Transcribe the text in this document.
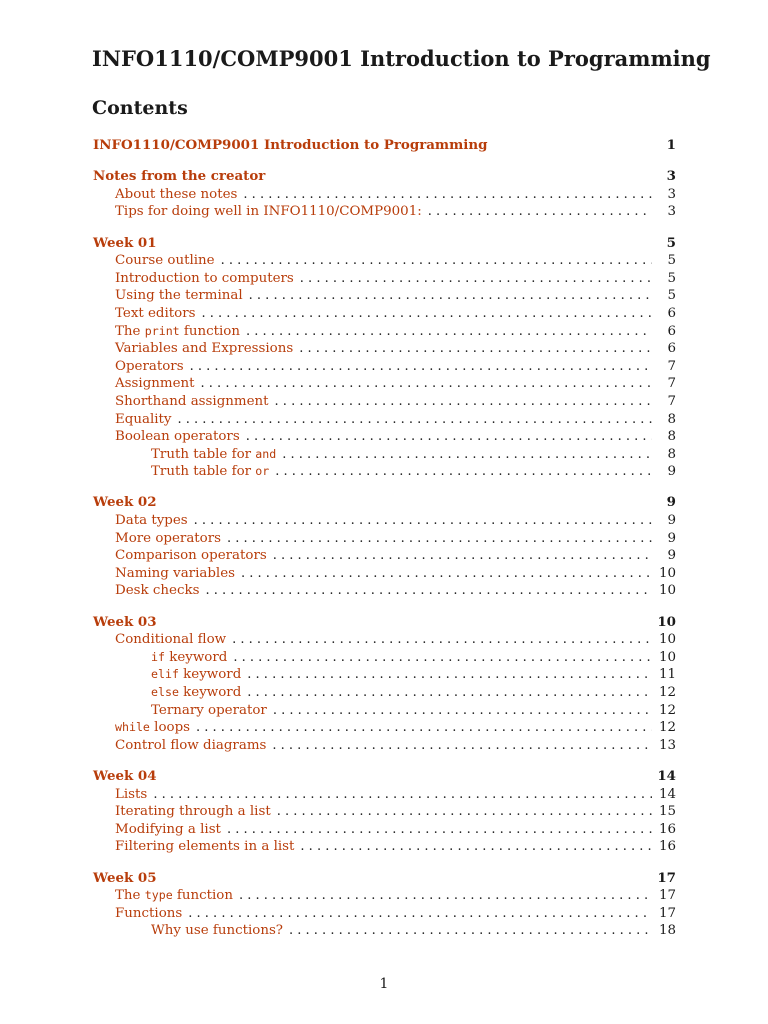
INFO1110/COMP9001 Introduction to Programming
Contents
INFO1110/COMP9001 Introduction to Programming	1
Notes from the creator	3
About these notes . . .	3
Tips for doing well in INFO1110/COMP9001: . . .	3
Week 01	5
Course outline . . .	5
Introduction to computers . . .	5
Using the terminal . . .	5
Text editors . . .	6
The print function . . .	6
Variables and Expressions . . .	6
Operators . . .	7
Assignment . . .	7
Shorthand assignment . . .	7
Equality . . .	8
Boolean operators . . .	8
Truth table for and . . .	8
Truth table for or . . .	9
Week 02	9
Data types . . .	9
More operators . . .	9
Comparison operators . . .	9
Naming variables . . .	10
Desk checks . . .	10
Week 03	10
Conditional flow . . .	10
if keyword . . .	10
elif keyword . . .	11
else keyword . . .	12
Ternary operator . . .	12
while loops . . .	12
Control flow diagrams . . .	13
Week 04	14
Lists . . .	14
Iterating through a list . . .	15
Modifying a list . . .	16
Filtering elements in a list . . .	16
Week 05	17
The type function . . .	17
Functions . . .	17
Why use functions? . . .	18
1
